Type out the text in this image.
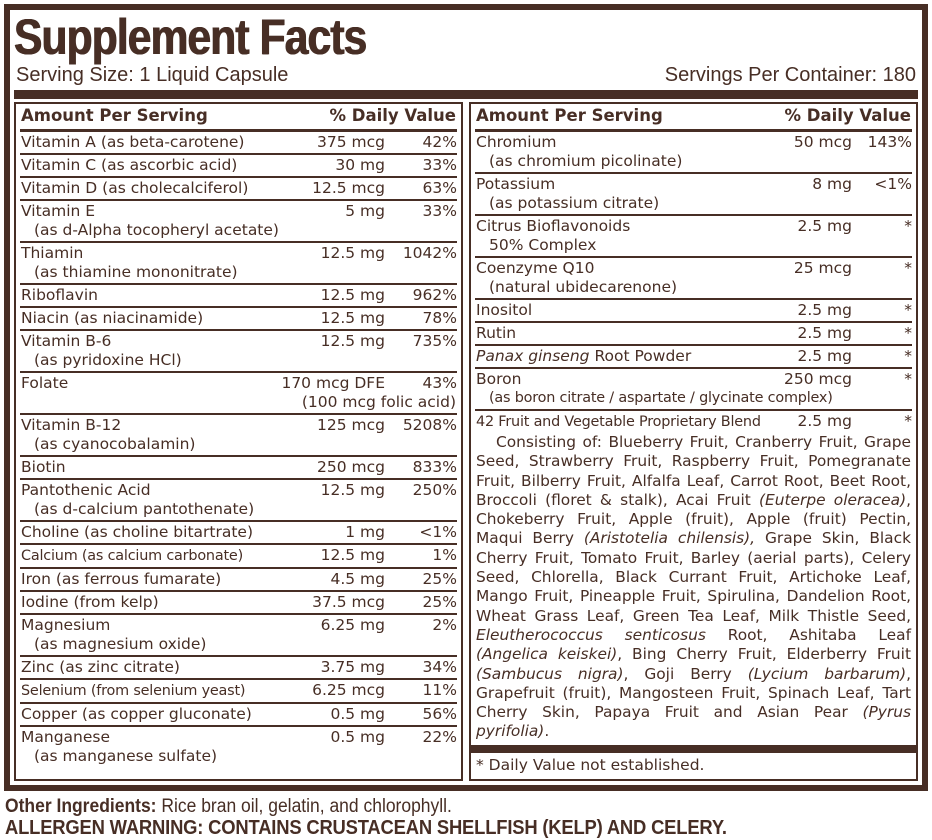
Supplement Facts
Serving Size: 1 Liquid Capsule	Servings Per Container: 180
Amount Per Serving	% Daily Value
Vitamin A (as beta-carotene)	375 mcg	42%
Vitamin C (as ascorbic acid)	30 mg	33%
Vitamin D (as cholecalciferol)	12.5 mcg	63%
Vitamin E	5 mg	33%
(as d-Alpha tocopheryl acetate)
Thiamin	12.5 mg	1042%
(as thiamine mononitrate)
Riboflavin	12.5 mg	962%
Niacin (as niacinamide)	12.5 mg	78%
Vitamin B-6	12.5 mg	735%
(as pyridoxine HCl)
Folate	170 mcg DFE	43%
(100 mcg folic acid)
Vitamin B-12	125 mcg	5208%
(as cyanocobalamin)
Biotin	250 mcg	833%
Pantothenic Acid	12.5 mg	250%
(as d-calcium pantothenate)
Choline (as choline bitartrate)	1 mg	<1%
Calcium (as calcium carbonate)	12.5 mg	1%
Iron (as ferrous fumarate)	4.5 mg	25%
Iodine (from kelp)	37.5 mcg	25%
Magnesium	6.25 mg	2%
(as magnesium oxide)
Zinc (as zinc citrate)	3.75 mg	34%
Selenium (from selenium yeast)	6.25 mcg	11%
Copper (as copper gluconate)	0.5 mg	56%
Manganese	0.5 mg	22%
(as manganese sulfate)
Amount Per Serving	% Daily Value
Chromium	50 mcg	143%
(as chromium picolinate)
Potassium	8 mg	<1%
(as potassium citrate)
Citrus Bioflavonoids	2.5 mg	*
50% Complex
Coenzyme Q10	25 mcg	*
(natural ubidecarenone)
Inositol	2.5 mg	*
Rutin	2.5 mg	*
Panax ginseng Root Powder	2.5 mg	*
Boron	250 mcg	*
(as boron citrate / aspartate / glycinate complex)
42 Fruit and Vegetable Proprietary Blend	2.5 mg	*
Consisting of: Blueberry Fruit, Cranberry Fruit, Grape Seed, Strawberry Fruit, Raspberry Fruit, Pomegranate Fruit, Bilberry Fruit, Alfalfa Leaf, Carrot Root, Beet Root, Broccoli (floret & stalk), Acai Fruit (Euterpe oleracea), Chokeberry Fruit, Apple (fruit), Apple (fruit) Pectin, Maqui Berry (Aristotelia chilensis), Grape Skin, Black Cherry Fruit, Tomato Fruit, Barley (aerial parts), Celery Seed, Chlorella, Black Currant Fruit, Artichoke Leaf, Mango Fruit, Pineapple Fruit, Spirulina, Dandelion Root, Wheat Grass Leaf, Green Tea Leaf, Milk Thistle Seed, Eleutherococcus senticosus Root, Ashitaba Leaf (Angelica keiskei), Bing Cherry Fruit, Elderberry Fruit (Sambucus nigra), Goji Berry (Lycium barbarum), Grapefruit (fruit), Mangosteen Fruit, Spinach Leaf, Tart Cherry Skin, Papaya Fruit and Asian Pear (Pyrus pyrifolia).
* Daily Value not established.
Other Ingredients: Rice bran oil, gelatin, and chlorophyll.
ALLERGEN WARNING: CONTAINS CRUSTACEAN SHELLFISH (KELP) AND CELERY.
